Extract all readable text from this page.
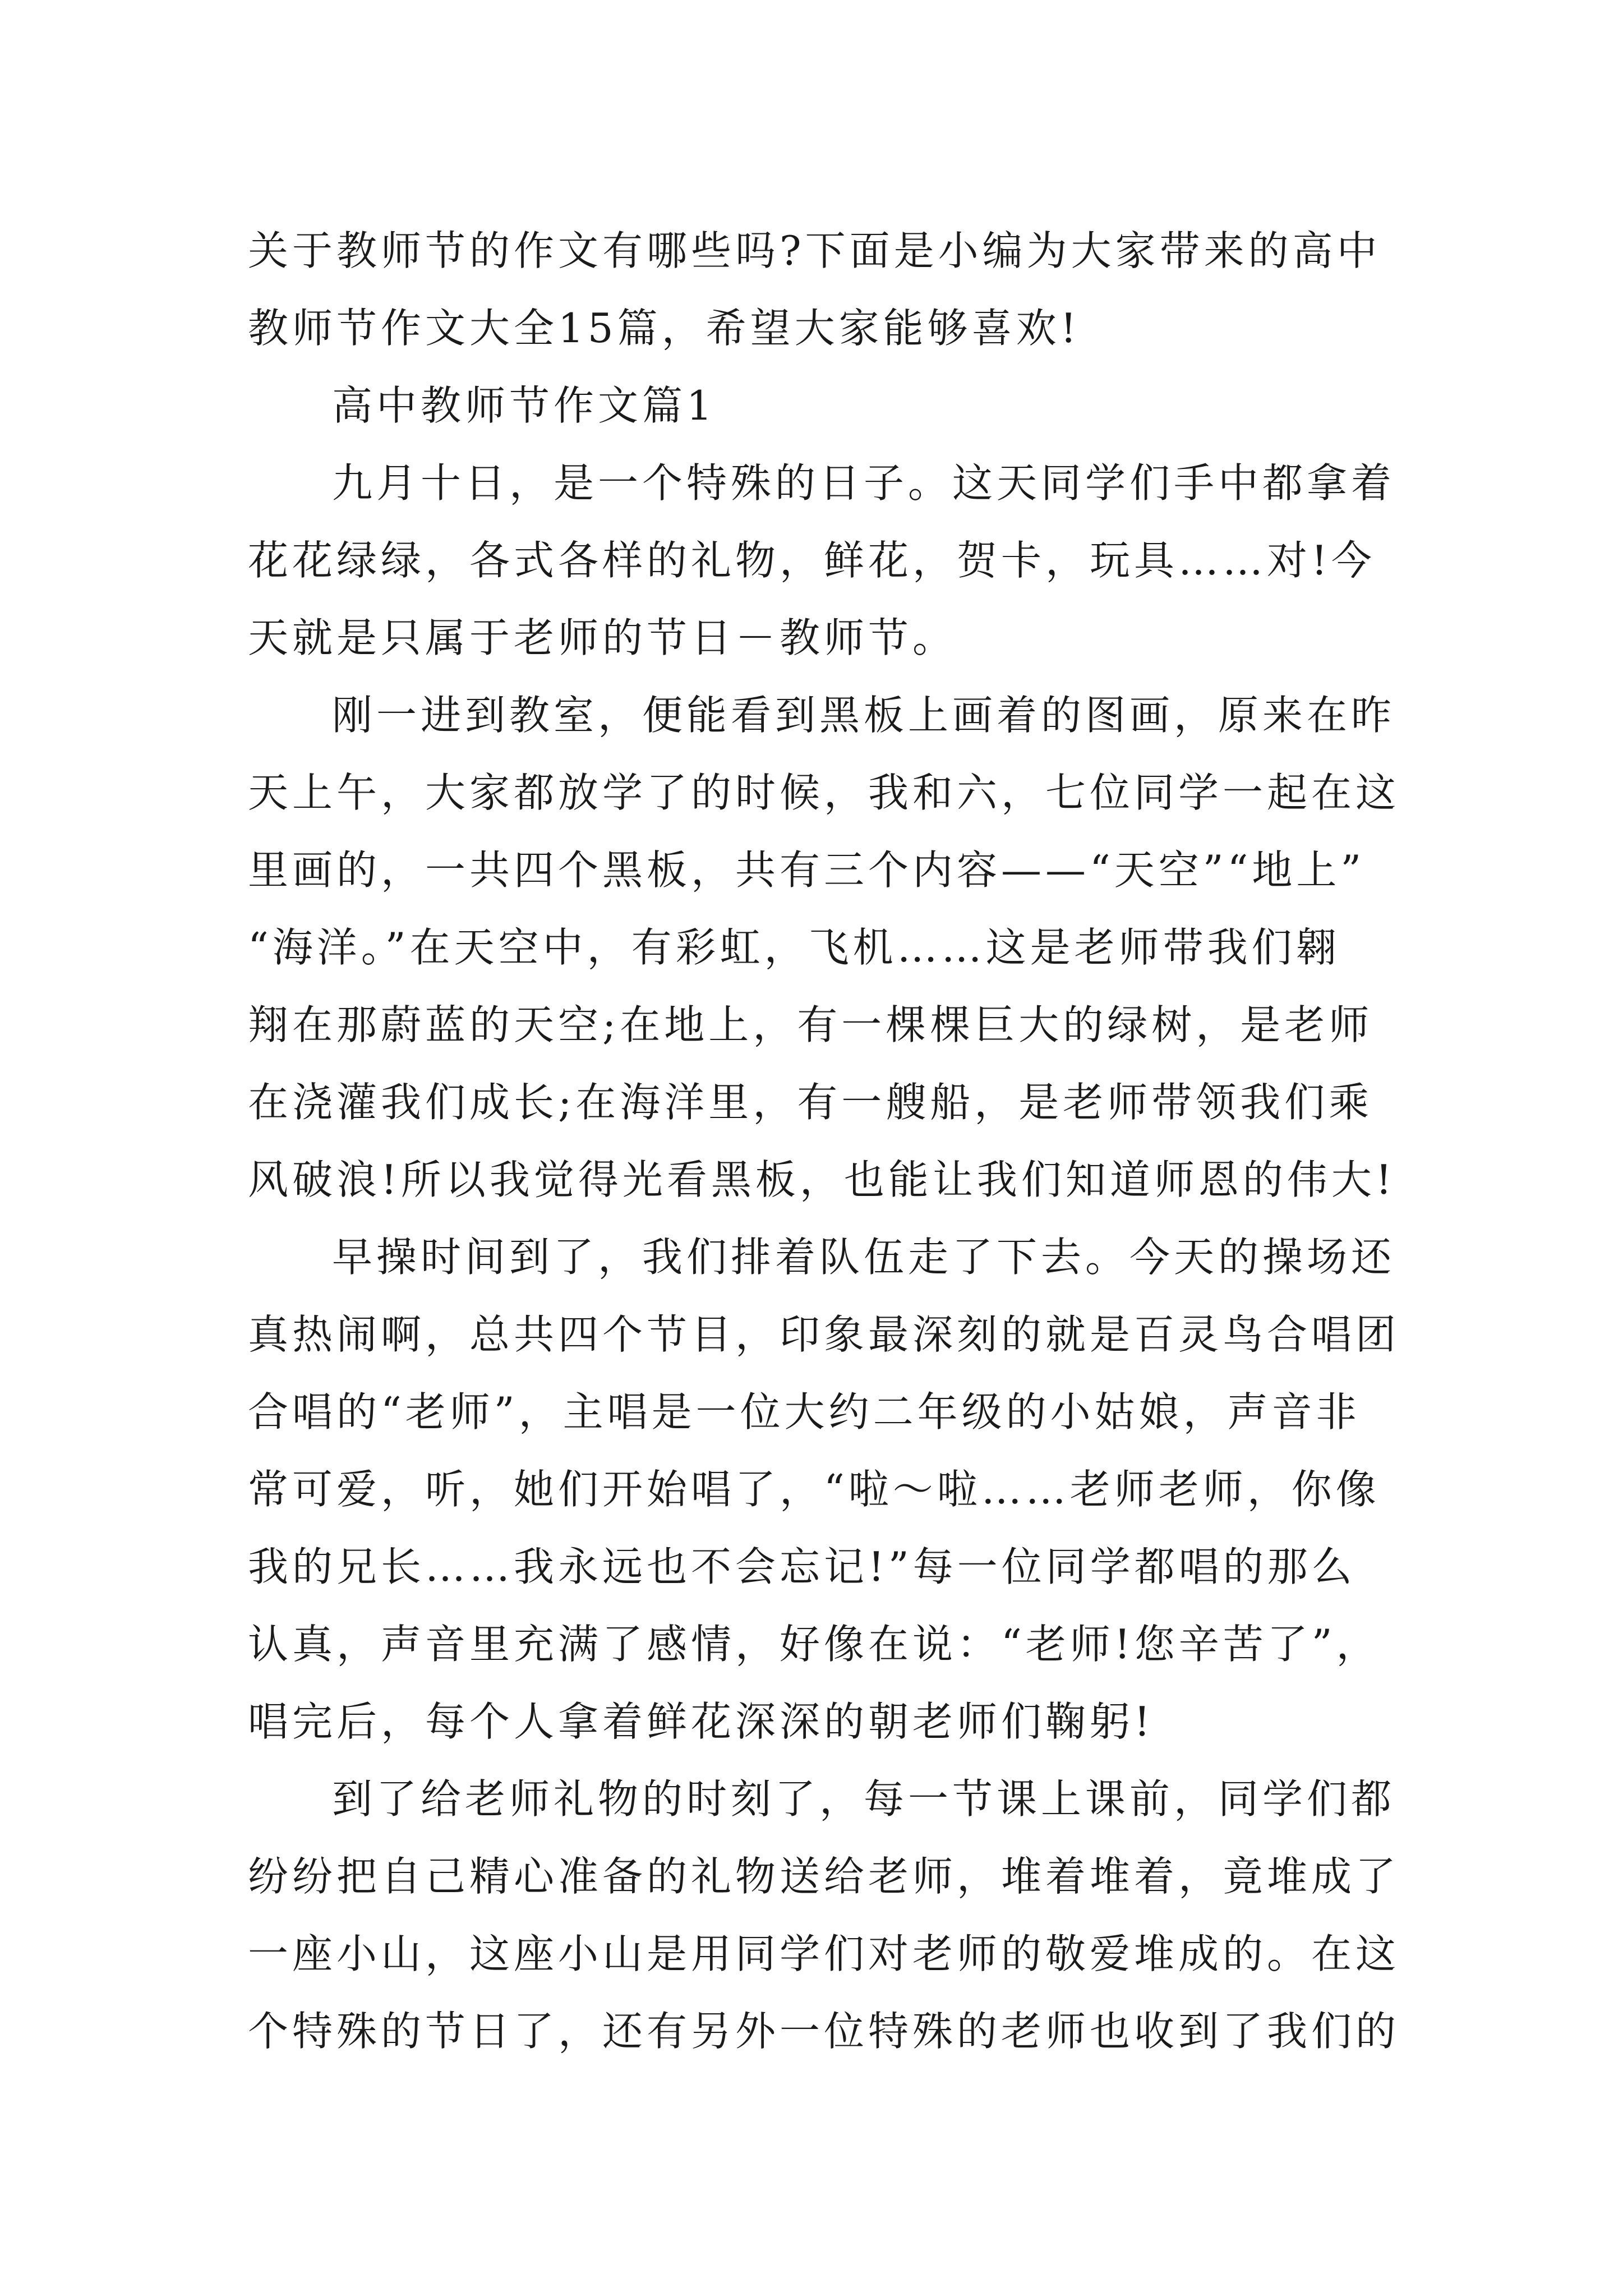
关于教师节的作文有哪些吗?下面是小编为大家带来的高中
教师节作文大全15篇，希望大家能够喜欢!
高中教师节作文篇1
九月十日，是一个特殊的日子。这天同学们手中都拿着
花花绿绿，各式各样的礼物，鲜花，贺卡，玩具……对!今
天就是只属于老师的节日－教师节。
刚一进到教室，便能看到黑板上画着的图画，原来在昨
天上午，大家都放学了的时候，我和六，七位同学一起在这
里画的，一共四个黑板，共有三个内容——“天空”“地上”
“海洋。”在天空中，有彩虹，飞机……这是老师带我们翱
翔在那蔚蓝的天空;在地上，有一棵棵巨大的绿树，是老师
在浇灌我们成长;在海洋里，有一艘船，是老师带领我们乘
风破浪!所以我觉得光看黑板，也能让我们知道师恩的伟大!
早操时间到了，我们排着队伍走了下去。今天的操场还
真热闹啊，总共四个节目，印象最深刻的就是百灵鸟合唱团
合唱的“老师”，主唱是一位大约二年级的小姑娘，声音非
常可爱，听，她们开始唱了，“啦～啦……老师老师，你像
我的兄长……我永远也不会忘记!”每一位同学都唱的那么
认真，声音里充满了感情，好像在说：“老师!您辛苦了”，
唱完后，每个人拿着鲜花深深的朝老师们鞠躬!
到了给老师礼物的时刻了，每一节课上课前，同学们都
纷纷把自己精心准备的礼物送给老师，堆着堆着，竟堆成了
一座小山，这座小山是用同学们对老师的敬爱堆成的。在这
个特殊的节日了，还有另外一位特殊的老师也收到了我们的
